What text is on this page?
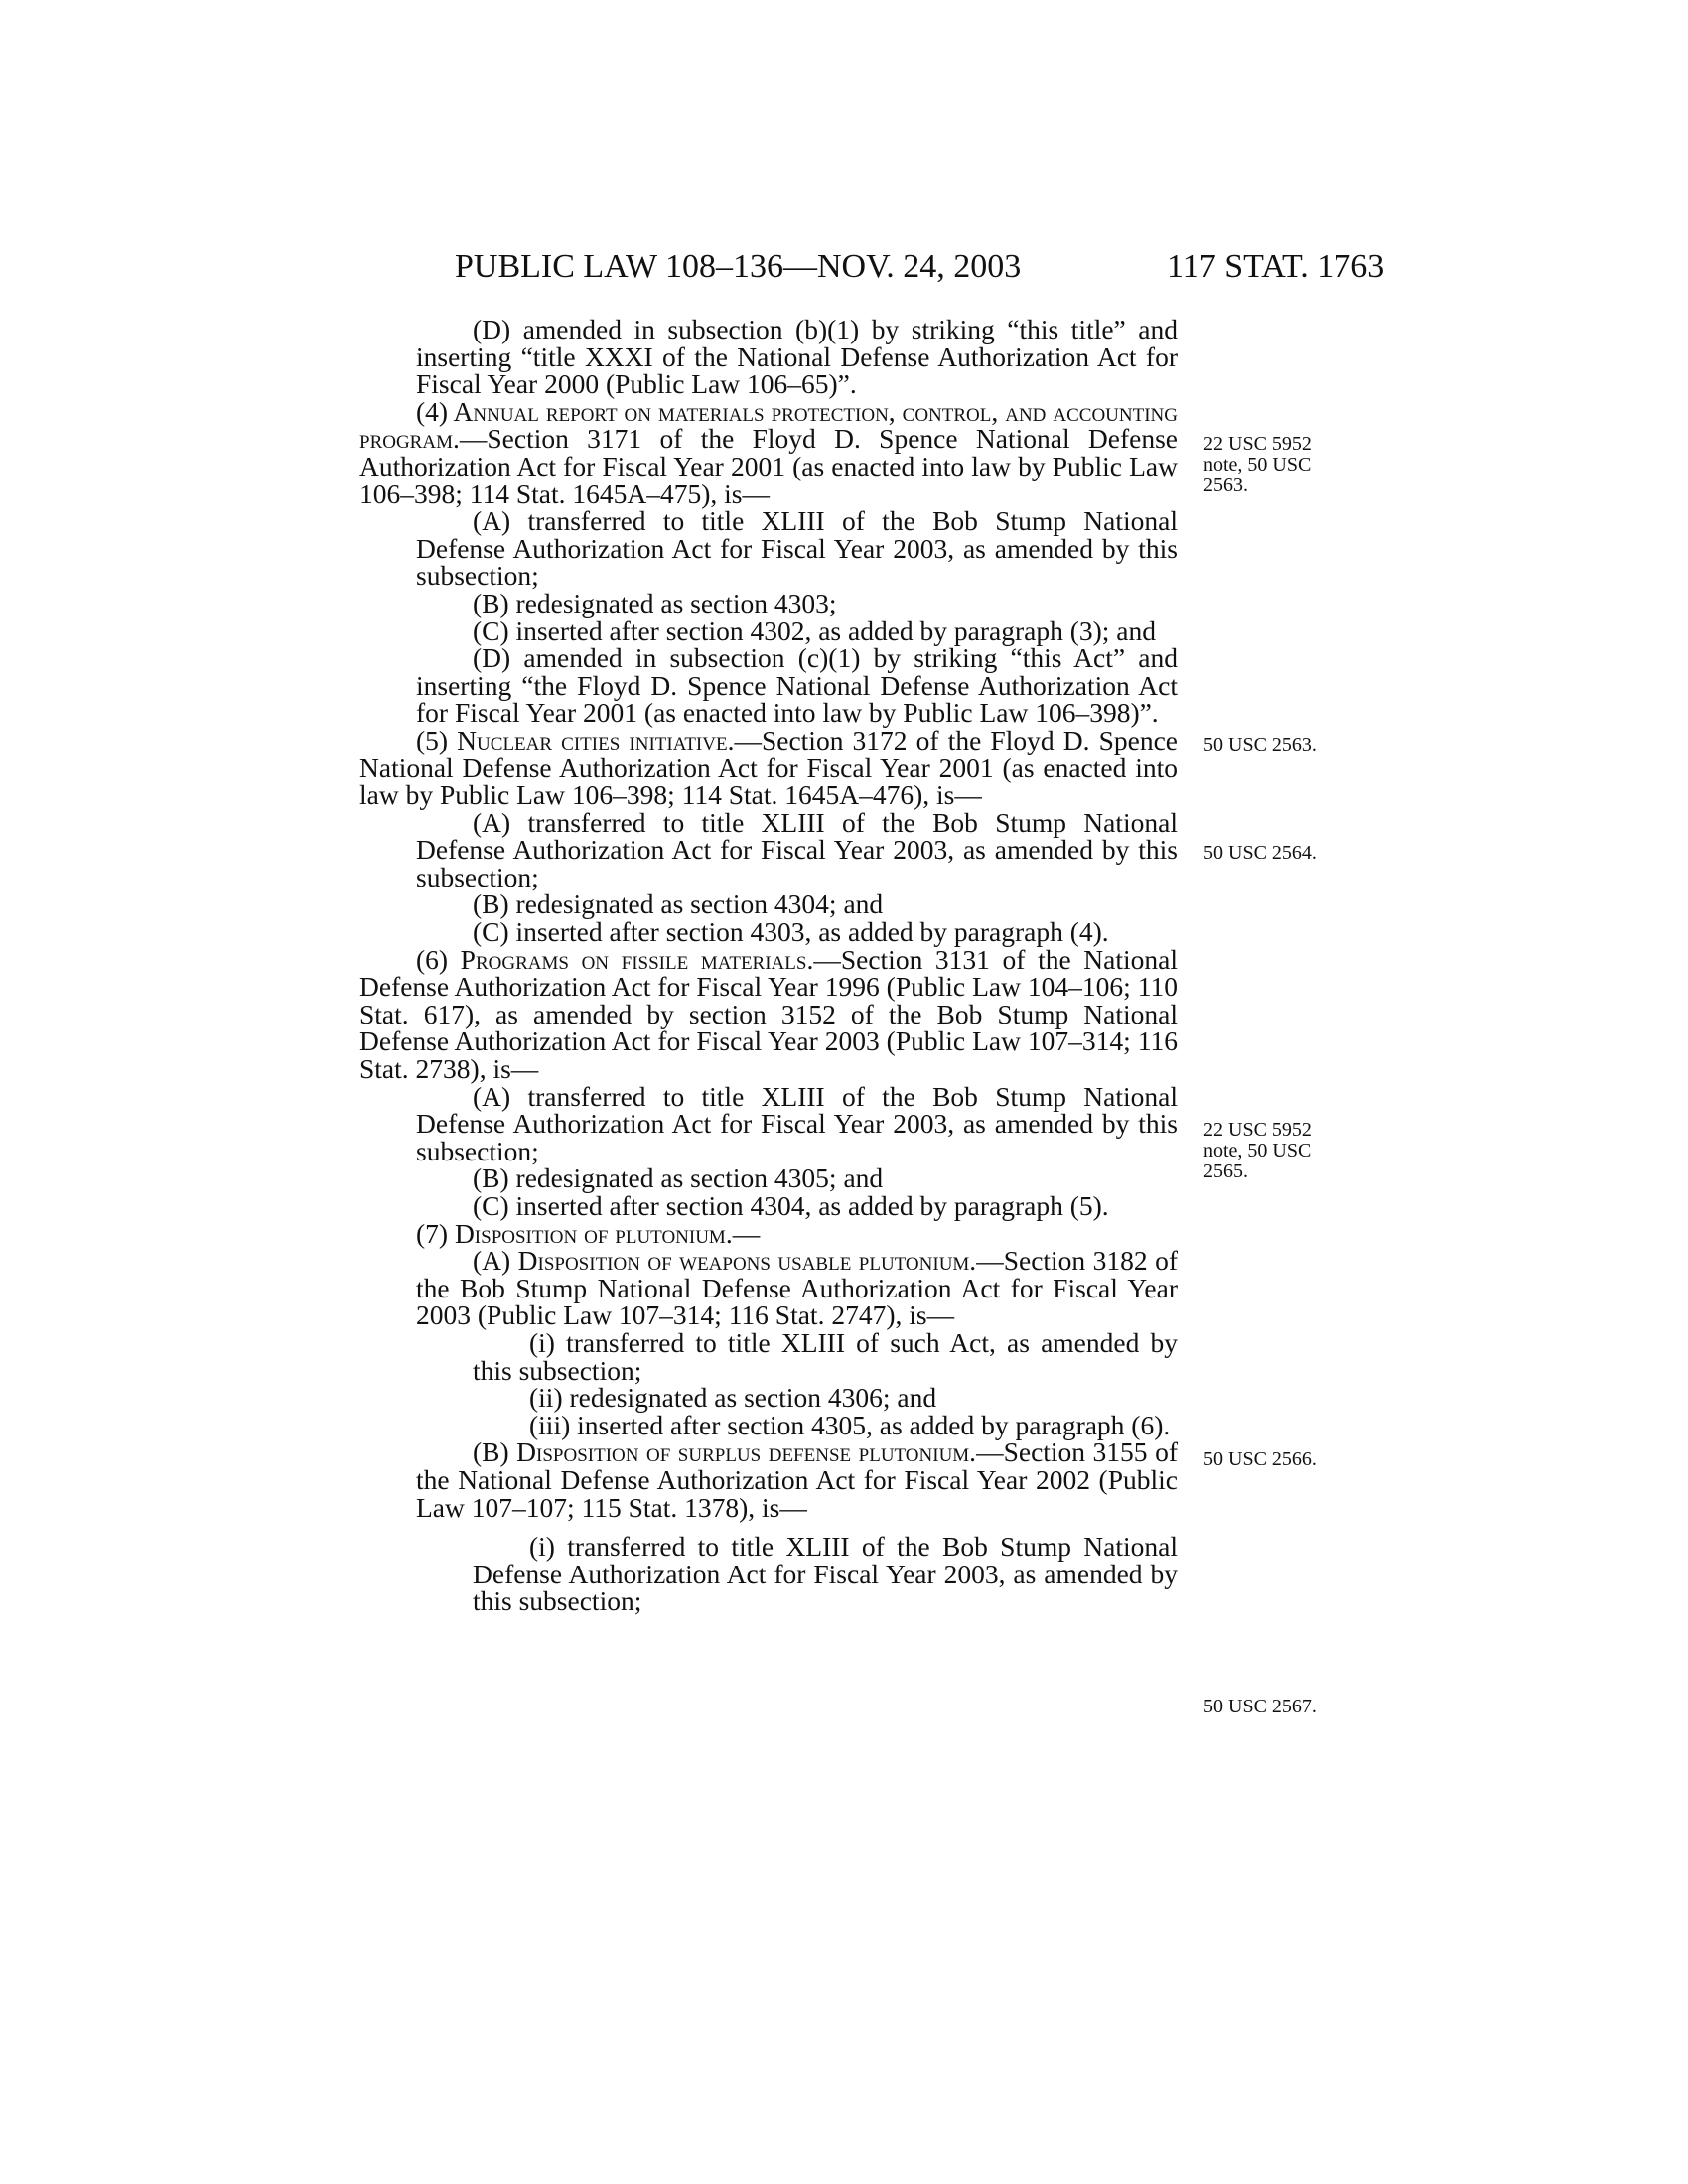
PUBLIC LAW 108–136—NOV. 24, 2003	117 STAT. 1763

(D) amended in subsection (b)(1) by striking “this title” and inserting “title XXXI of the National Defense Authorization Act for Fiscal Year 2000 (Public Law 106–65)”.

(4) Annual report on materials protection, control, and accounting program.—Section 3171 of the Floyd D. Spence National Defense Authorization Act for Fiscal Year 2001 (as enacted into law by Public Law 106–398; 114 Stat. 1645A–475), is—

(A) transferred to title XLIII of the Bob Stump National Defense Authorization Act for Fiscal Year 2003, as amended by this subsection;

(B) redesignated as section 4303;

(C) inserted after section 4302, as added by paragraph (3); and

(D) amended in subsection (c)(1) by striking “this Act” and inserting “the Floyd D. Spence National Defense Authorization Act for Fiscal Year 2001 (as enacted into law by Public Law 106–398)”.

(5) Nuclear cities initiative.—Section 3172 of the Floyd D. Spence National Defense Authorization Act for Fiscal Year 2001 (as enacted into law by Public Law 106–398; 114 Stat. 1645A–476), is—

(A) transferred to title XLIII of the Bob Stump National Defense Authorization Act for Fiscal Year 2003, as amended by this subsection;

(B) redesignated as section 4304; and

(C) inserted after section 4303, as added by paragraph (4).

(6) Programs on fissile materials.—Section 3131 of the National Defense Authorization Act for Fiscal Year 1996 (Public Law 104–106; 110 Stat. 617), as amended by section 3152 of the Bob Stump National Defense Authorization Act for Fiscal Year 2003 (Public Law 107–314; 116 Stat. 2738), is—

(A) transferred to title XLIII of the Bob Stump National Defense Authorization Act for Fiscal Year 2003, as amended by this subsection;

(B) redesignated as section 4305; and

(C) inserted after section 4304, as added by paragraph (5).

(7) Disposition of plutonium.—

(A) Disposition of weapons usable plutonium.—Section 3182 of the Bob Stump National Defense Authorization Act for Fiscal Year 2003 (Public Law 107–314; 116 Stat. 2747), is—

(i) transferred to title XLIII of such Act, as amended by this subsection;

(ii) redesignated as section 4306; and

(iii) inserted after section 4305, as added by paragraph (6).

(B) Disposition of surplus defense plutonium.—Section 3155 of the National Defense Authorization Act for Fiscal Year 2002 (Public Law 107–107; 115 Stat. 1378), is—

(i) transferred to title XLIII of the Bob Stump National Defense Authorization Act for Fiscal Year 2003, as amended by this subsection;

22 USC 5952 note, 50 USC 2563.
50 USC 2563.
50 USC 2564.
22 USC 5952 note, 50 USC 2565.
50 USC 2566.
50 USC 2567.
